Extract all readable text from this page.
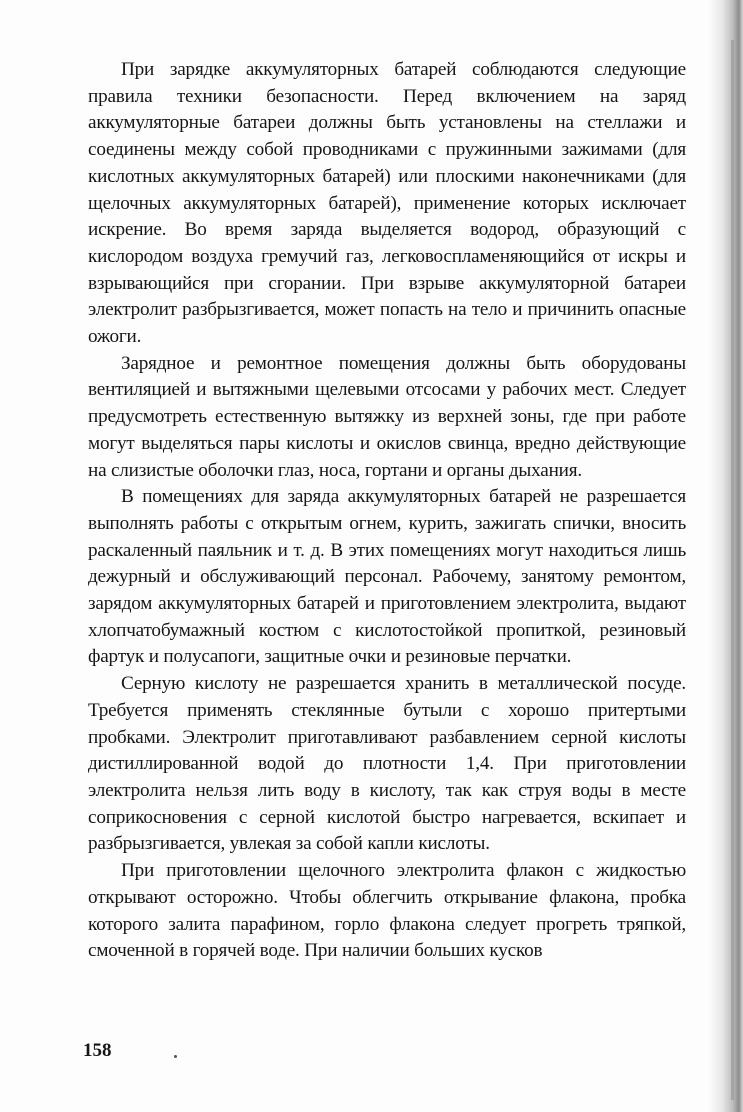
При зарядке аккумуляторных батарей соблюдаются следующие правила техники безопасности. Перед включением на заряд аккумуляторные батареи должны быть установлены на стеллажи и соединены между собой проводниками с пружинными зажимами (для кислотных аккумуляторных батарей) или плоскими наконечниками (для щелочных аккумуляторных батарей), применение которых исключает искрение. Во время заряда выделяется водород, образующий с кислородом воздуха гремучий газ, легковоспламеняющийся от искры и взрывающийся при сгорании. При взрыве аккумуляторной батареи электролит разбрызгивается, может попасть на тело и причинить опасные ожоги.

Зарядное и ремонтное помещения должны быть оборудованы вентиляцией и вытяжными щелевыми отсосами у рабочих мест. Следует предусмотреть естественную вытяжку из верхней зоны, где при работе могут выделяться пары кислоты и окислов свинца, вредно действующие на слизистые оболочки глаз, носа, гортани и органы дыхания.

В помещениях для заряда аккумуляторных батарей не разрешается выполнять работы с открытым огнем, курить, зажигать спички, вносить раскаленный паяльник и т. д. В этих помещениях могут находиться лишь дежурный и обслуживающий персонал. Рабочему, занятому ремонтом, зарядом аккумуляторных батарей и приготовлением электролита, выдают хлопчатобумажный костюм с кислотостойкой пропиткой, резиновый фартук и полусапоги, защитные очки и резиновые перчатки.

Серную кислоту не разрешается хранить в металлической посуде. Требуется применять стеклянные бутыли с хорошо притертыми пробками. Электролит приготавливают разбавлением серной кислоты дистиллированной водой до плотности 1,4. При приготовлении электролита нельзя лить воду в кислоту, так как струя воды в месте соприкосновения с серной кислотой быстро нагревается, вскипает и разбрызгивается, увлекая за собой капли кислоты.

При приготовлении щелочного электролита флакон с жидкостью открывают осторожно. Чтобы облегчить открывание флакона, пробка которого залита парафином, горло флакона следует прогреть тряпкой, смоченной в горячей воде. При наличии больших кусков

158
